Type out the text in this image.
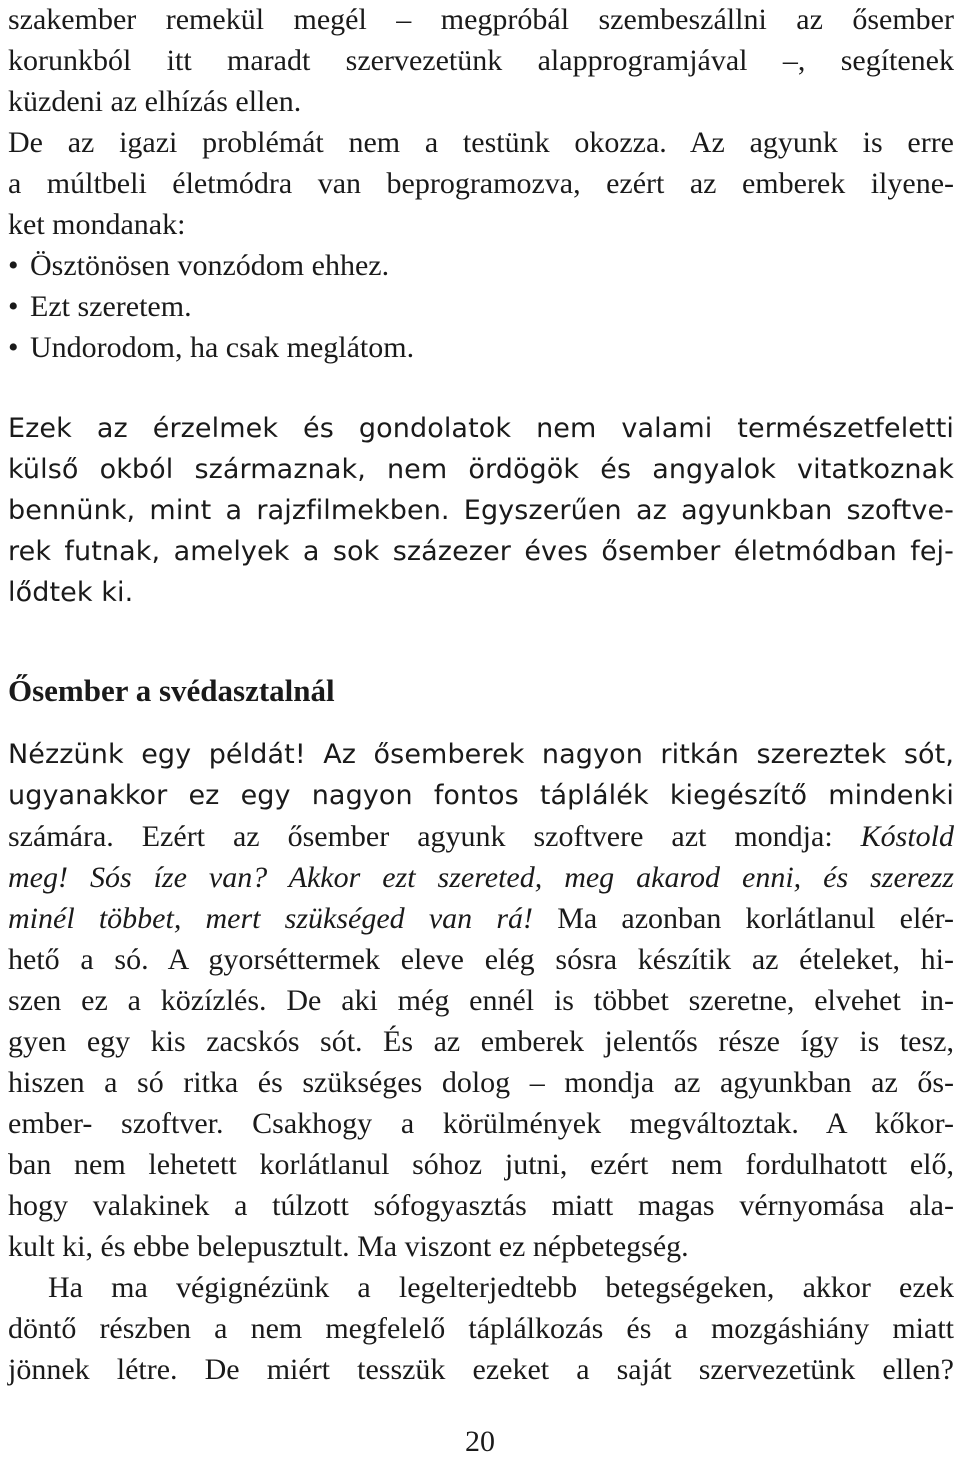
szakember remekül megél – megpróbál szembeszállni az ősember
korunkból itt maradt szervezetünk alapprogramjával –, segítenek
küzdeni az elhízás ellen.
De az igazi problémát nem a testünk okozza. Az agyunk is erre
a múltbeli életmódra van beprogramozva, ezért az emberek ilyene-
ket mondanak:
• Ösztönösen vonzódom ehhez.
• Ezt szeretem.
• Undorodom, ha csak meglátom.
Ezek az érzelmek és gondolatok nem valami természetfeletti
külső okból származnak, nem ördögök és angyalok vitatkoznak
bennünk, mint a rajzfilmekben. Egyszerűen az agyunkban szoftve-
rek futnak, amelyek a sok százezer éves ősember életmódban fej-
lődtek ki.
Ősember a svédasztalnál
Nézzünk egy példát! Az ősemberek nagyon ritkán szereztek sót,
ugyanakkor ez egy nagyon fontos táplálék kiegészítő mindenki
számára. Ezért az ősember agyunk szoftvere azt mondja: Kóstold
meg! Sós íze van? Akkor ezt szereted, meg akarod enni, és szerezz
minél többet, mert szükséged van rá! Ma azonban korlátlanul elér-
hető a só. A gyorséttermek eleve elég sósra készítik az ételeket, hi-
szen ez a közízlés. De aki még ennél is többet szeretne, elvehet in-
gyen egy kis zacskós sót. És az emberek jelentős része így is tesz,
hiszen a só ritka és szükséges dolog – mondja az agyunkban az ős-
ember- szoftver. Csakhogy a körülmények megváltoztak. A kőkor-
ban nem lehetett korlátlanul sóhoz jutni, ezért nem fordulhatott elő,
hogy valakinek a túlzott sófogyasztás miatt magas vérnyomása ala-
kult ki, és ebbe belepusztult. Ma viszont ez népbetegség.
Ha ma végignézünk a legelterjedtebb betegségeken, akkor ezek
döntő részben a nem megfelelő táplálkozás és a mozgáshiány miatt
jönnek létre. De miért tesszük ezeket a saját szervezetünk ellen?
20
